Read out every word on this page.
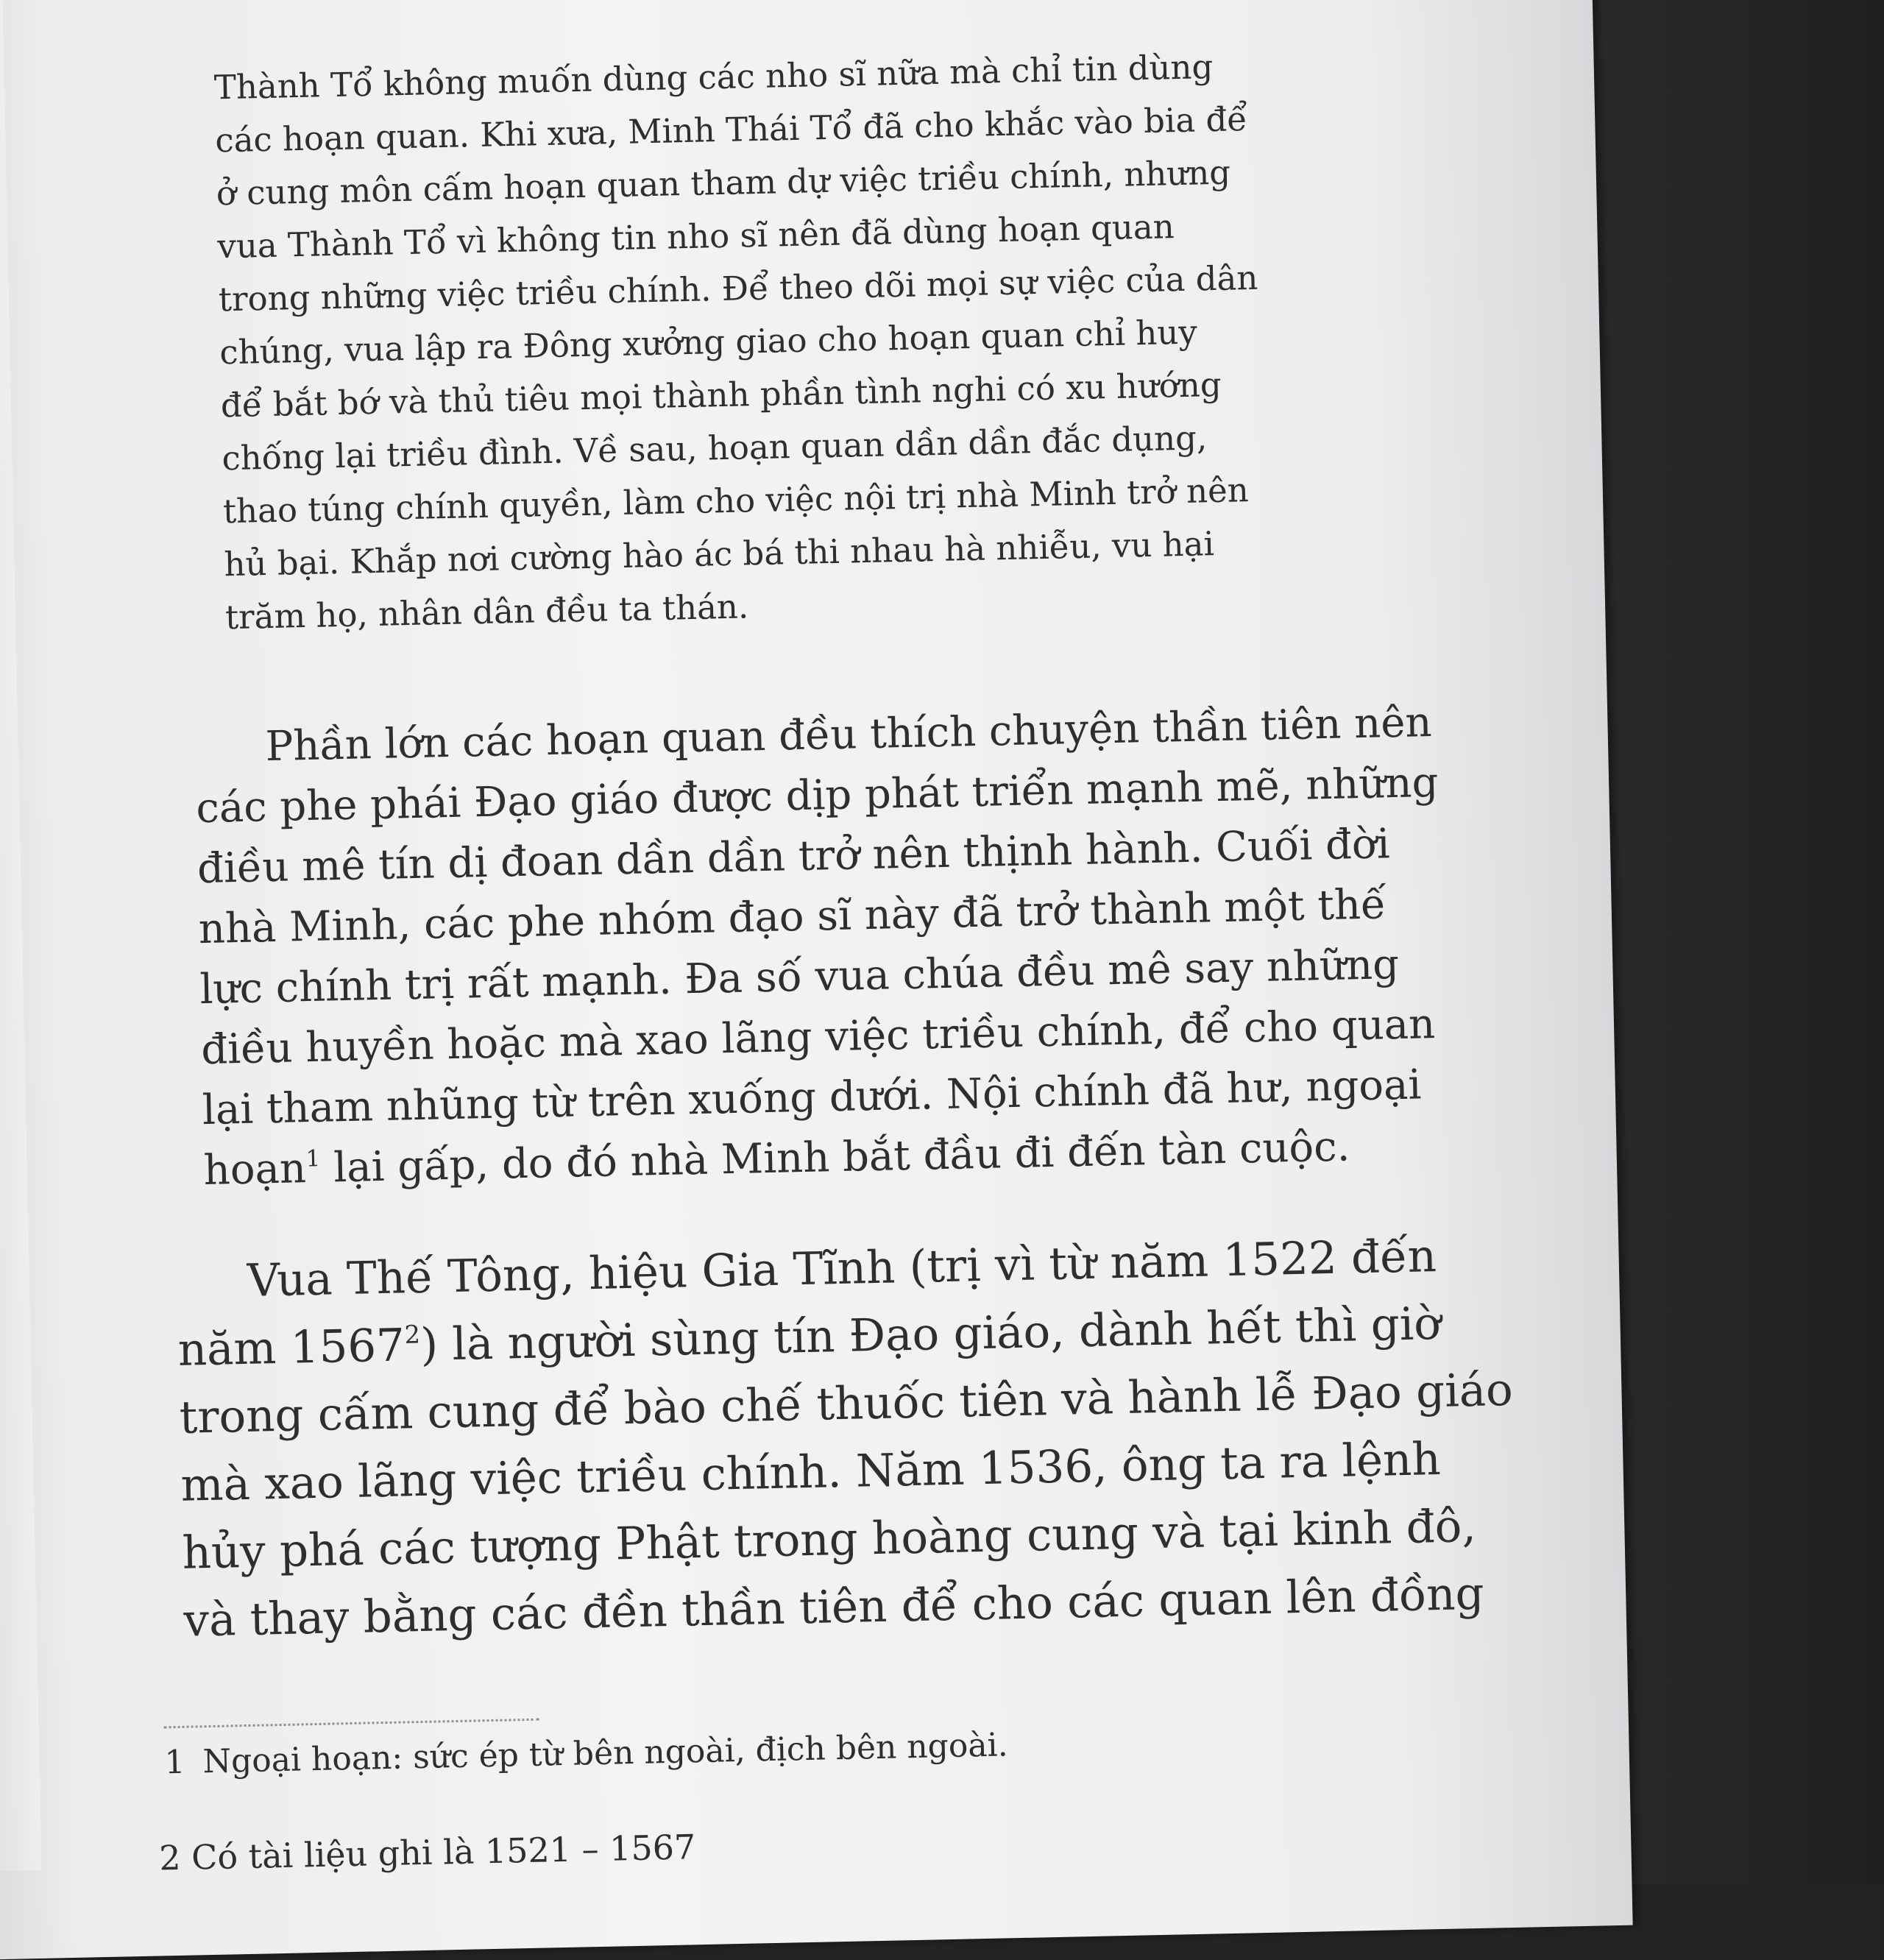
Thành Tổ không muốn dùng các nho sĩ nữa mà chỉ tin dùng

các hoạn quan. Khi xưa, Minh Thái Tổ đã cho khắc vào bia để

ở cung môn cấm hoạn quan tham dự việc triều chính, nhưng

vua Thành Tổ vì không tin nho sĩ nên đã dùng hoạn quan

trong những việc triều chính. Để theo dõi mọi sự việc của dân

chúng, vua lập ra Đông xưởng giao cho hoạn quan chỉ huy

để bắt bớ và thủ tiêu mọi thành phần tình nghi có xu hướng

chống lại triều đình. Về sau, hoạn quan dần dần đắc dụng,

thao túng chính quyền, làm cho việc nội trị nhà Minh trở nên

hủ bại. Khắp nơi cường hào ác bá thi nhau hà nhiễu, vu hại

trăm họ, nhân dân đều ta thán.

Phần lớn các hoạn quan đều thích chuyện thần tiên nên

các phe phái Đạo giáo được dịp phát triển mạnh mẽ, những

điều mê tín dị đoan dần dần trở nên thịnh hành. Cuối đời

nhà Minh, các phe nhóm đạo sĩ này đã trở thành một thế

lực chính trị rất mạnh. Đa số vua chúa đều mê say những

điều huyền hoặc mà xao lãng việc triều chính, để cho quan

lại tham nhũng từ trên xuống dưới. Nội chính đã hư, ngoại

hoạn$^1$ lại gấp, do đó nhà Minh bắt đầu đi đến tàn cuộc.

Vua Thế Tông, hiệu Gia Tĩnh (trị vì từ năm 1522 đến

năm 1567$^2$) là người sùng tín Đạo giáo, dành hết thì giờ

trong cấm cung để bào chế thuốc tiên và hành lễ Đạo giáo

mà xao lãng việc triều chính. Năm 1536, ông ta ra lệnh

hủy phá các tượng Phật trong hoàng cung và tại kinh đô,

và thay bằng các đền thần tiên để cho các quan lên đồng

1 Ngoại hoạn: sức ép từ bên ngoài, địch bên ngoài.
2 Có tài liệu ghi là 1521 – 1567
